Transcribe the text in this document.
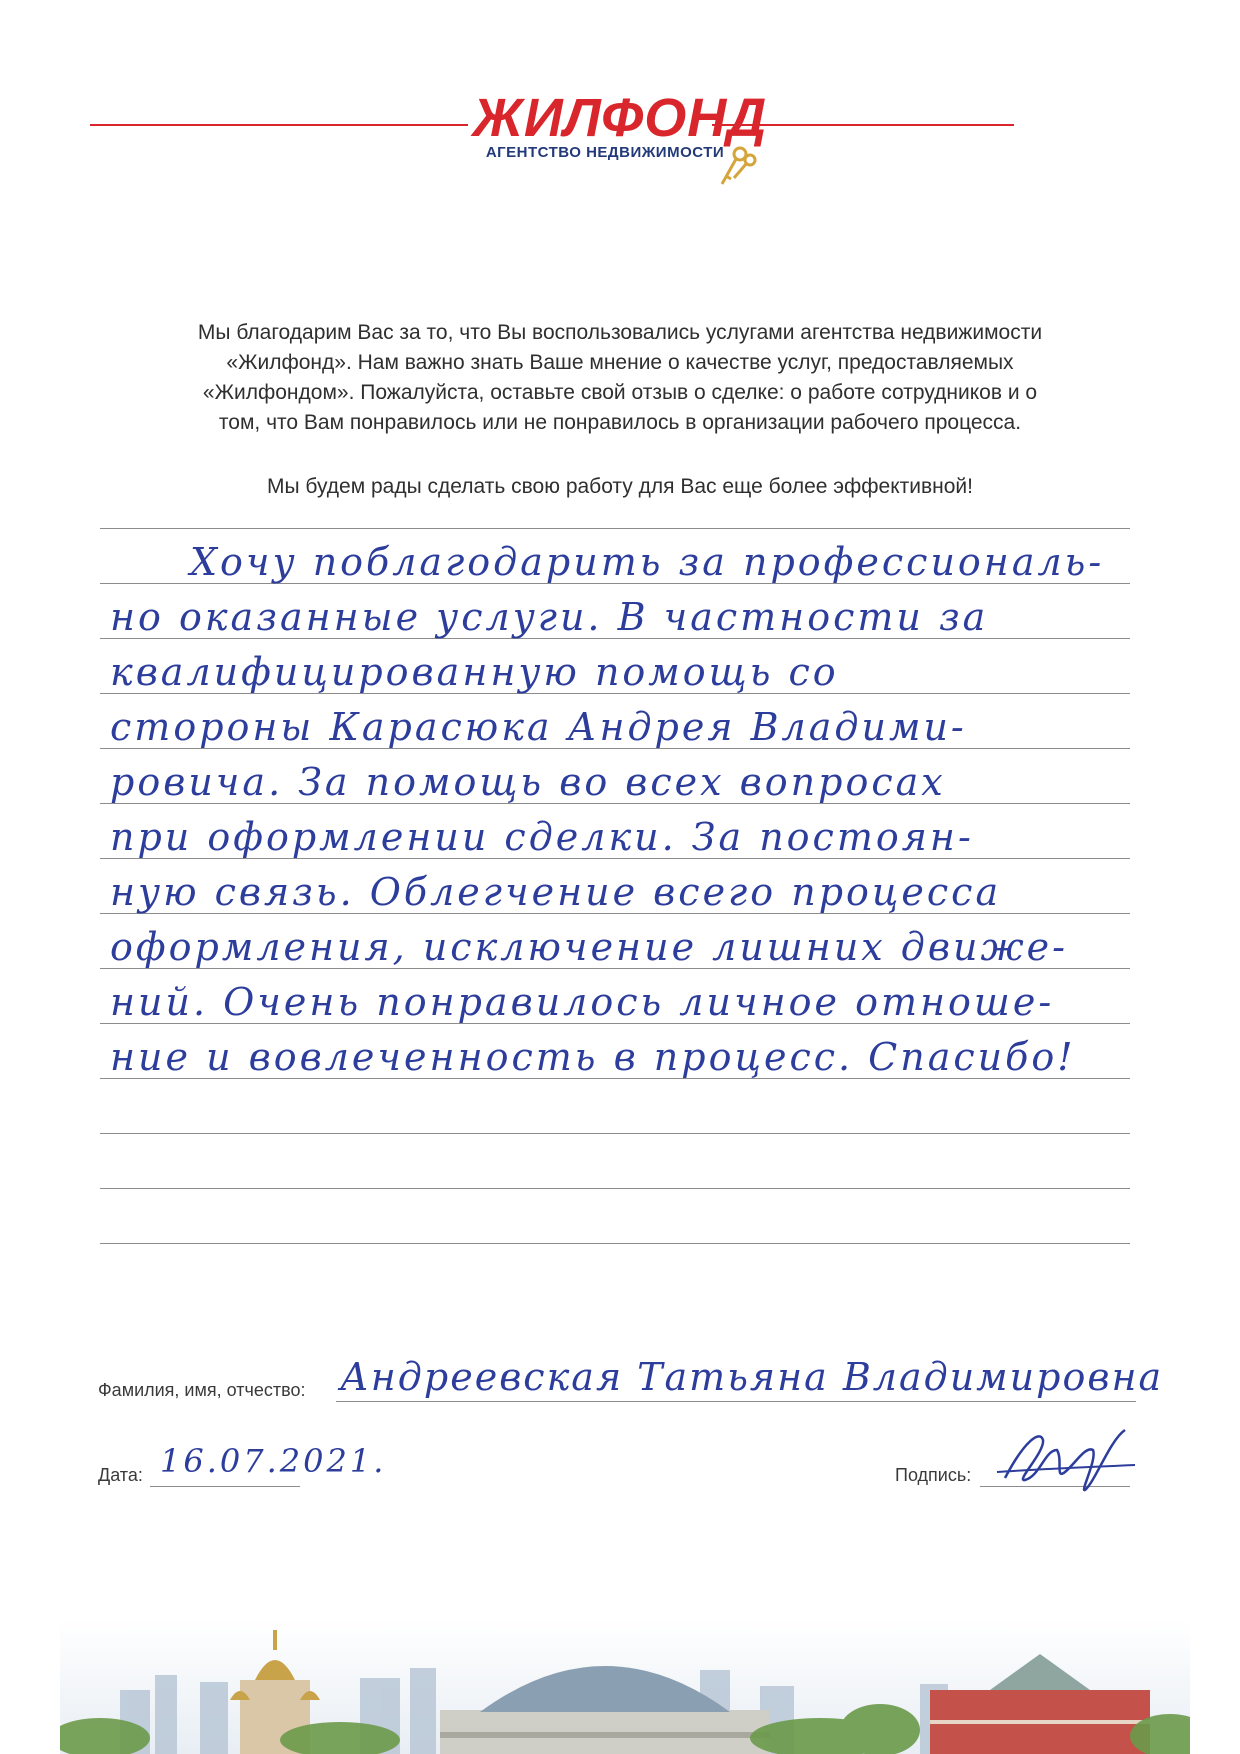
ЖИЛФОНД
АГЕНТСТВО НЕДВИЖИМОСТИ

Мы благодарим Вас за то, что Вы воспользовались услугами агентства недвижимости

«Жилфонд». Нам важно знать Ваше мнение о качестве услуг, предоставляемых

«Жилфондом». Пожалуйста, оставьте свой отзыв о сделке: о работе сотрудников и о

том, что Вам понравилось или не понравилось в организации рабочего процесса.

Мы будем рады сделать свою работу для Вас еще более эффективной!
Хочу поблагодарить за профессиональ-
но оказанные услуги. В частности за
квалифицированную помощь со
стороны Карасюка Андрея Владими-
ровича. За помощь во всех вопросах
при оформлении сделки. За постоян-
ную связь. Облегчение всего процесса
оформления, исключение лишних движе-
ний. Очень понравилось личное отноше-
ние и вовлеченность в процесс. Спасибо!
Фамилия, имя, отчество: Андреевская Татьяна Владимировна
Дата: 16.07.2021.	Подпись:
